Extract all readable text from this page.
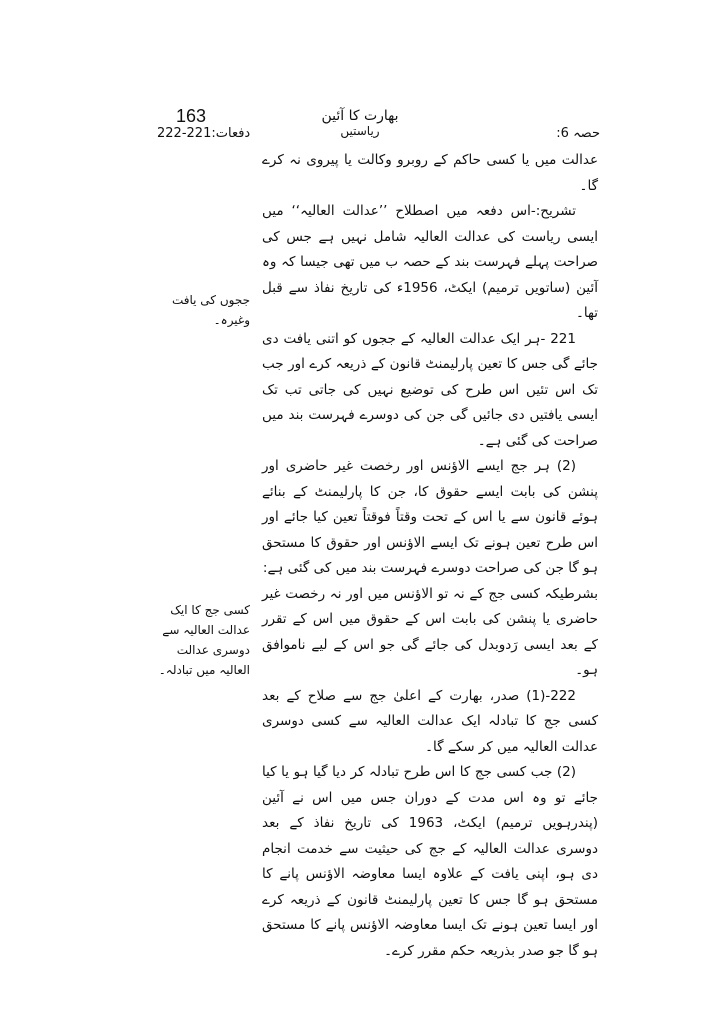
163
دفعات:221-222
بھارت کا آئین
ریاستیں	حصہ 6:
ججوں کی یافت وغیرہ۔
کسی جج کا ایک عدالت العالیہ سے دوسری عدالت العالیہ میں تبادلہ۔

عدالت میں یا کسی حاکم کے روبرو وکالت یا پیروی نہ کرے گا۔

تشریح:-اس دفعہ میں اصطلاح ’’عدالت العالیہ‘‘ میں ایسی ریاست کی عدالت العالیہ شامل نہیں ہے جس کی صراحت پہلے فہرست بند کے حصہ ب میں تھی جیسا کہ وہ آئین (ساتویں ترمیم) ایکٹ، 1956ء کی تاریخ نفاذ سے قبل تھا۔

221 -ہر ایک عدالت العالیہ کے ججوں کو اتنی یافت دی جائے گی جس کا تعین پارلیمنٹ قانون کے ذریعہ کرے اور جب تک اس تئیں اس طرح کی توضیع نہیں کی جاتی تب تک ایسی یافتیں دی جائیں گی جن کی دوسرے فہرست بند میں صراحت کی گئی ہے۔

(2) ہر جج ایسے الاؤنس اور رخصت غیر حاضری اور پنشن کی بابت ایسے حقوق کا، جن کا پارلیمنٹ کے بنائے ہوئے قانون سے یا اس کے تحت وقتاً فوقتاً تعین کیا جائے اور اس طرح تعین ہونے تک ایسے الاؤنس اور حقوق کا مستحق ہو گا جن کی صراحت دوسرے فہرست بند میں کی گئی ہے:

بشرطیکہ کسی جج کے نہ تو الاؤنس میں اور نہ رخصت غیر حاضری یا پنشن کی بابت اس کے حقوق میں اس کے تقرر کے بعد ایسی رَدوبدل کی جائے گی جو اس کے لیے ناموافق ہو۔

222-(1) صدر، بھارت کے اعلیٰ جج سے صلاح کے بعد کسی جج کا تبادلہ ایک عدالت العالیہ سے کسی دوسری عدالت العالیہ میں کر سکے گا۔

(2) جب کسی جج کا اس طرح تبادلہ کر دیا گیا ہو یا کیا جائے تو وہ اس مدت کے دوران جس میں اس نے آئین (پندرہویں ترمیم) ایکٹ، 1963 کی تاریخ نفاذ کے بعد دوسری عدالت العالیہ کے جج کی حیثیت سے خدمت انجام دی ہو، اپنی یافت کے علاوہ ایسا معاوضہ الاؤنس پانے کا مستحق ہو گا جس کا تعین پارلیمنٹ قانون کے ذریعہ کرے اور ایسا تعین ہونے تک ایسا معاوضہ الاؤنس پانے کا مستحق ہو گا جو صدر بذریعہ حکم مقرر کرے۔
